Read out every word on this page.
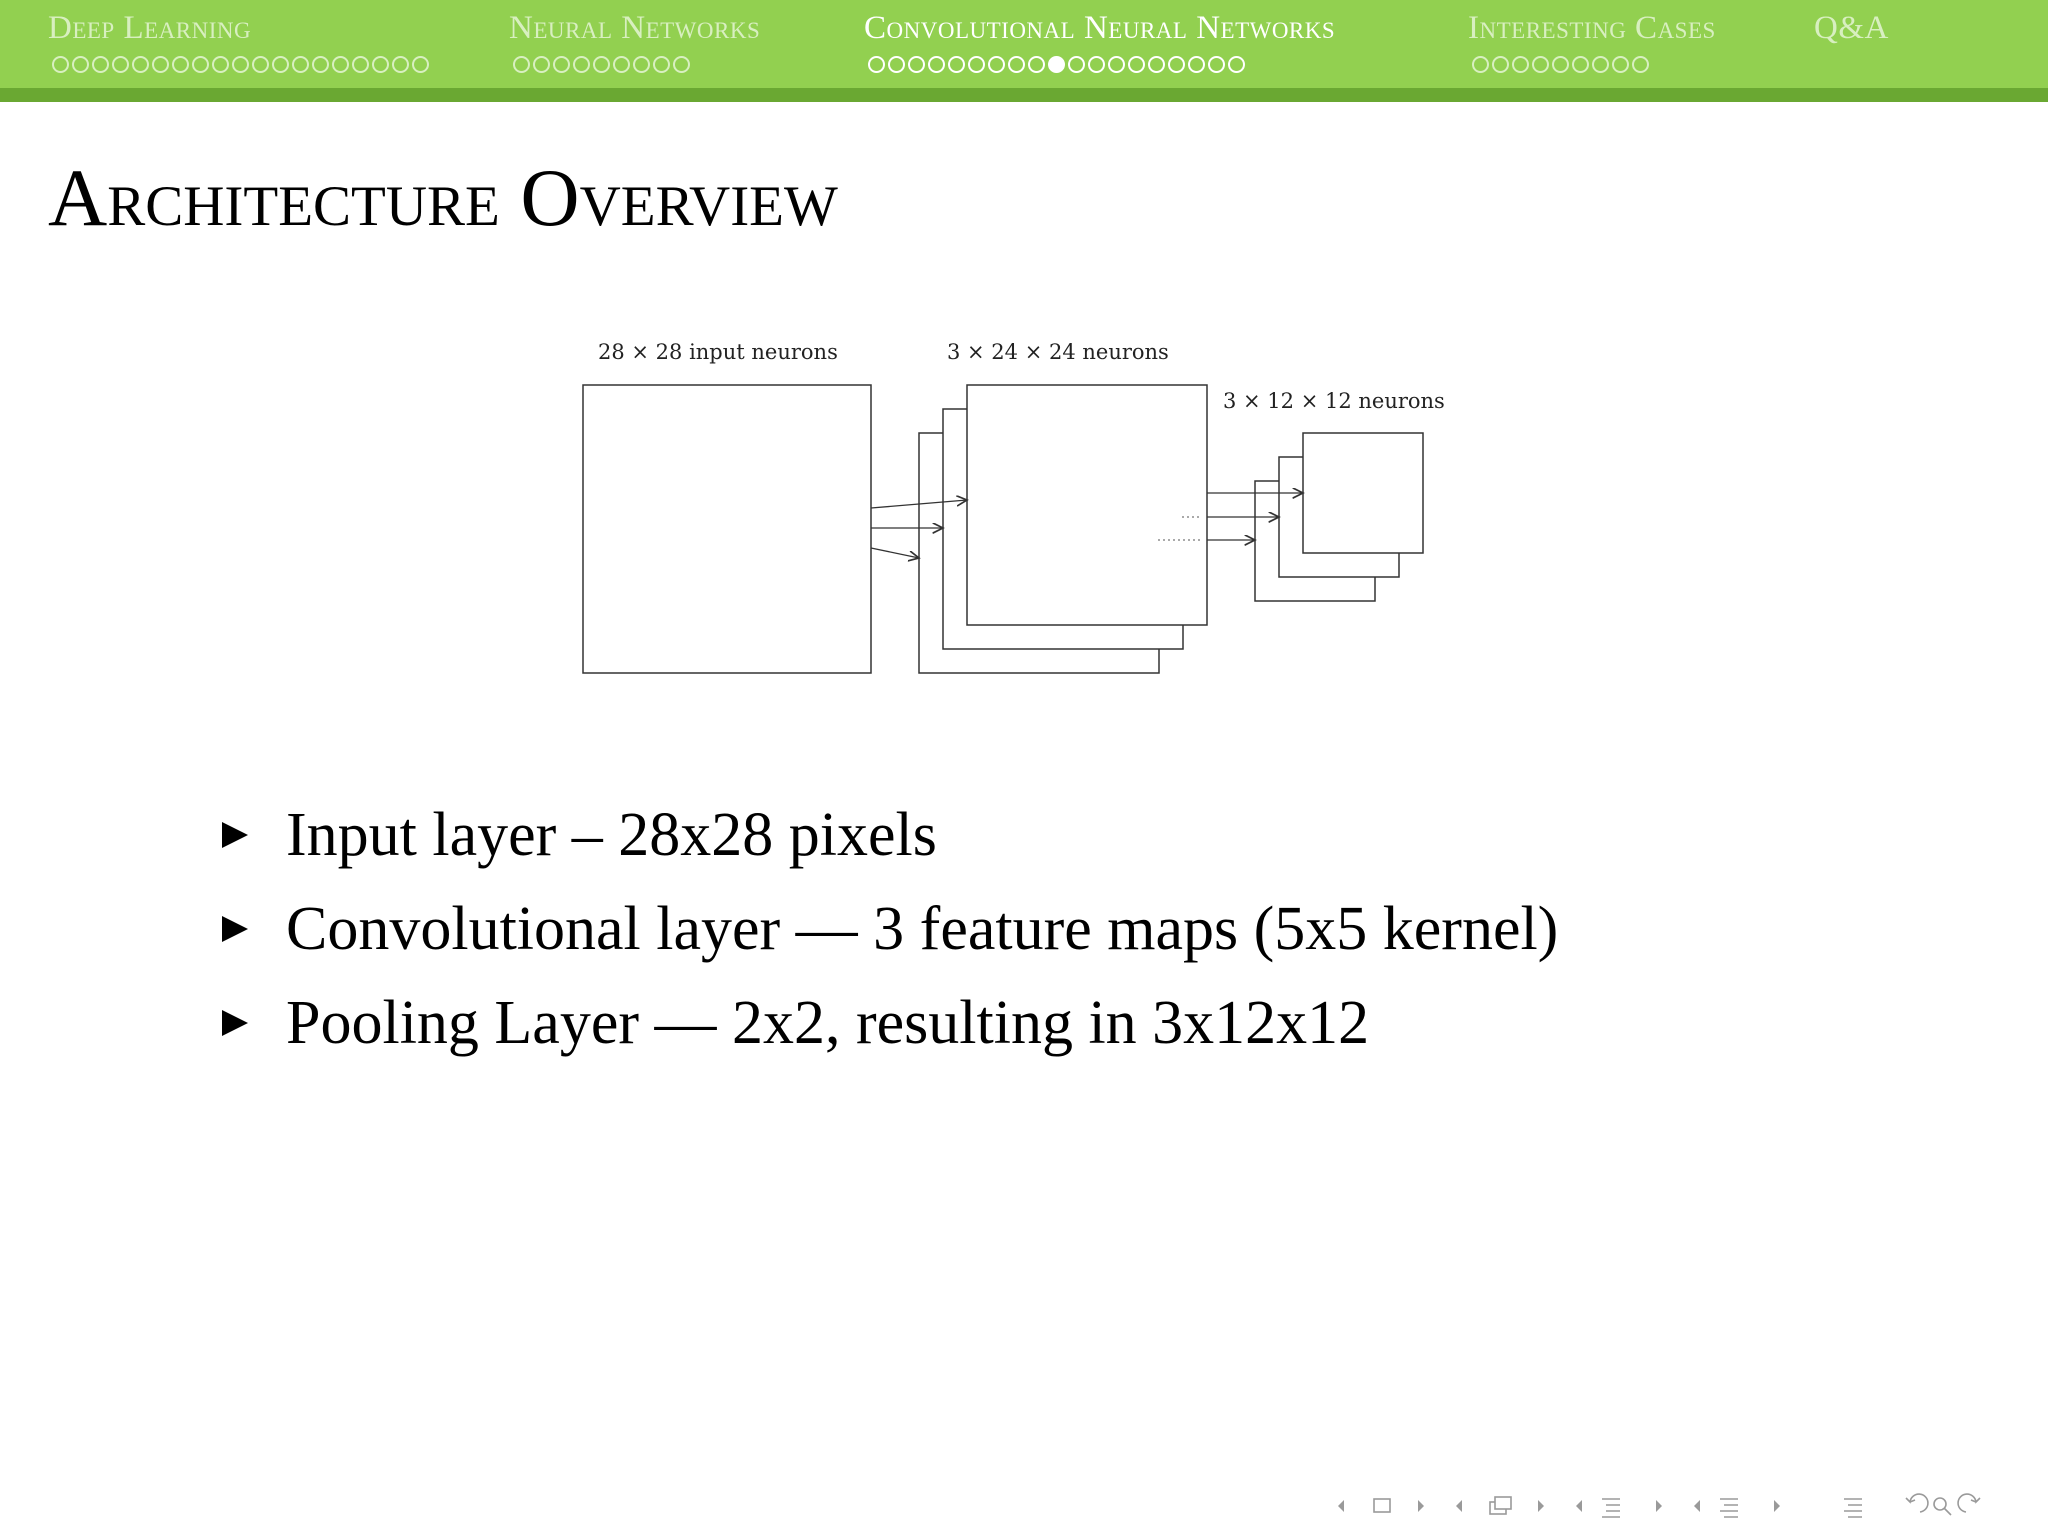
Deep Learning	Neural Networks	Convolutional Neural Networks	Interesting Cases	Q&A
Architecture Overview
28 × 28 input neurons	3 × 24 × 24 neurons
3 × 12 × 12 neurons
Input layer – 28x28 pixels
Convolutional layer — 3 feature maps (5x5 kernel)
Pooling Layer — 2x2, resulting in 3x12x12
